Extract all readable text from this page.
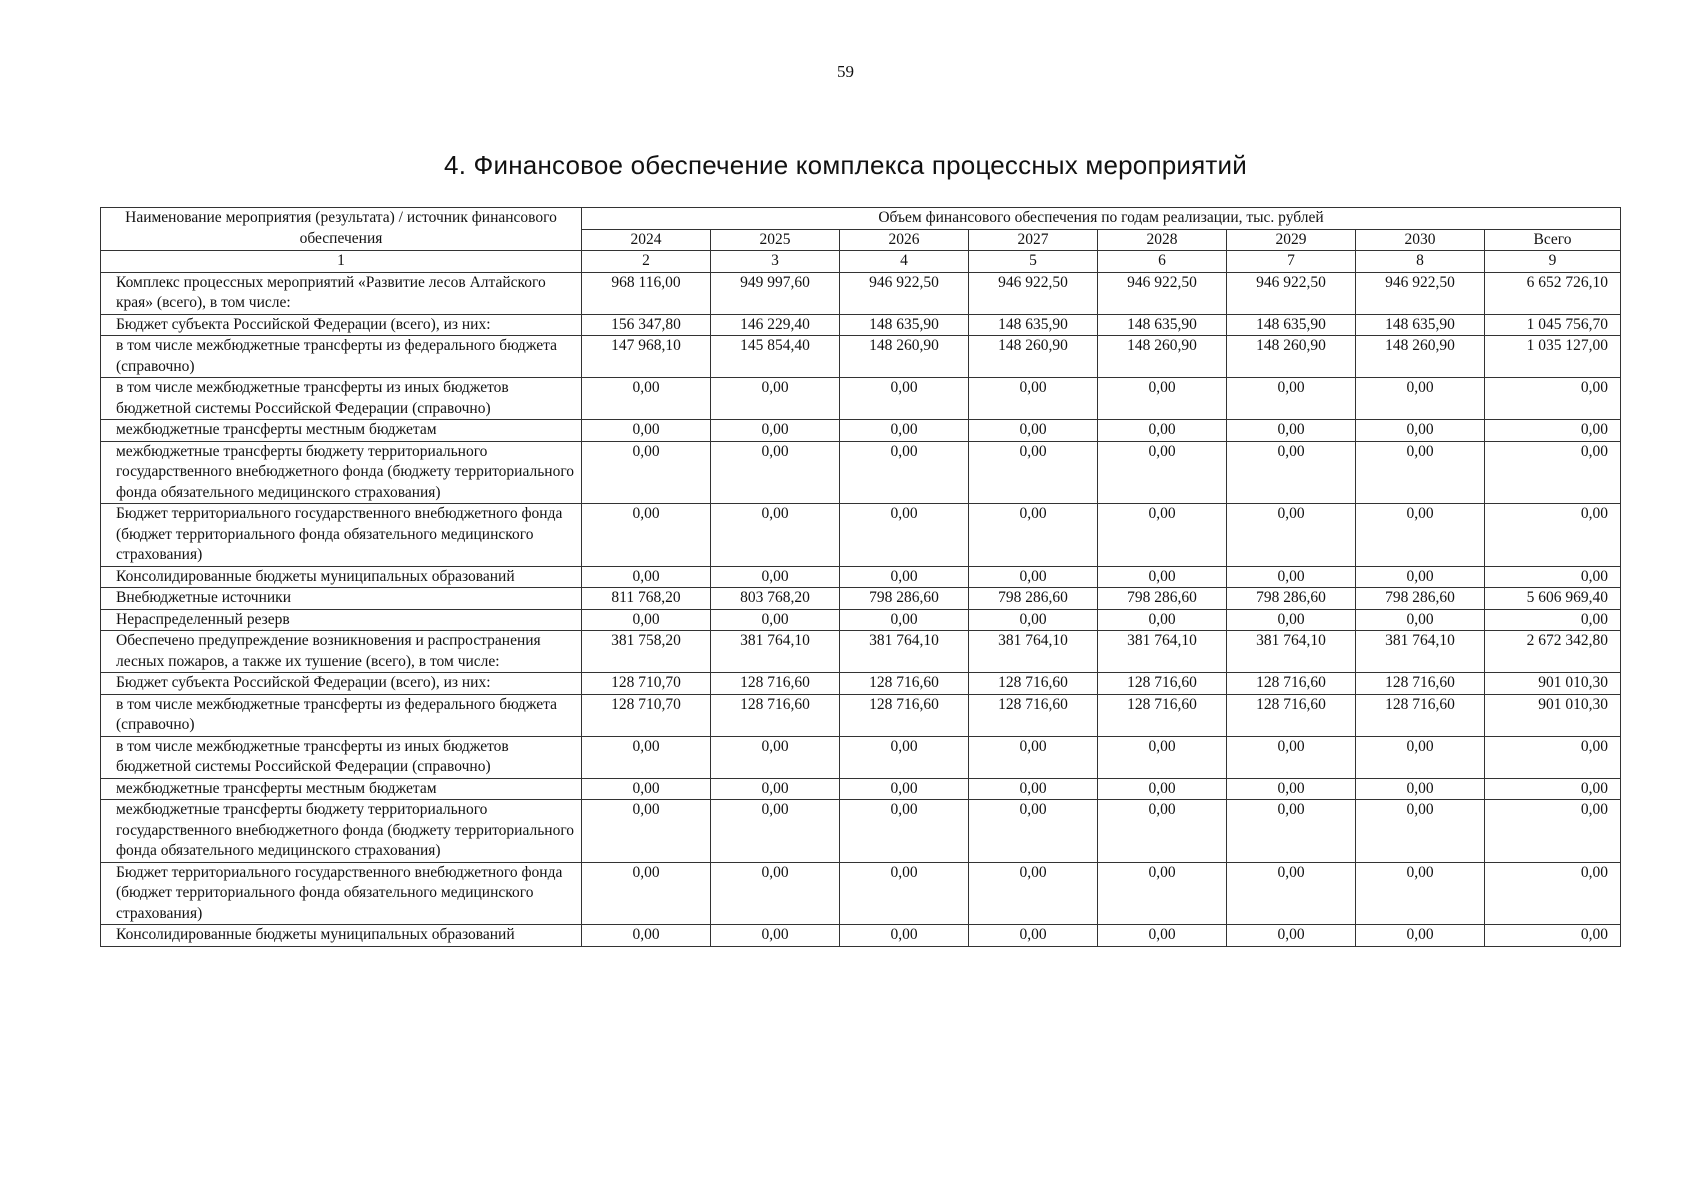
59
4. Финансовое обеспечение комплекса процессных мероприятий
Наименование мероприятия (результата) / источник финансового обеспечения	Объем финансового обеспечения по годам реализации, тыс. рублей							
	2024	2025	2026	2027	2028	2029	2030	Всего
1	2	3	4	5	6	7	8	9
Комплекс процессных мероприятий «Развитие лесов Алтайского края» (всего), в том числе:	968 116,00	949 997,60	946 922,50	946 922,50	946 922,50	946 922,50	946 922,50	6 652 726,10
Бюджет субъекта Российской Федерации (всего), из них:	156 347,80	146 229,40	148 635,90	148 635,90	148 635,90	148 635,90	148 635,90	1 045 756,70
в том числе межбюджетные трансферты из федерального бюджета (справочно)	147 968,10	145 854,40	148 260,90	148 260,90	148 260,90	148 260,90	148 260,90	1 035 127,00
в том числе межбюджетные трансферты из иных бюджетов бюджетной системы Российской Федерации (справочно)	0,00	0,00	0,00	0,00	0,00	0,00	0,00	0,00
межбюджетные трансферты местным бюджетам	0,00	0,00	0,00	0,00	0,00	0,00	0,00	0,00
межбюджетные трансферты бюджету территориального государственного внебюджетного фонда (бюджету территориального фонда обязательного медицинского страхования)	0,00	0,00	0,00	0,00	0,00	0,00	0,00	0,00
Бюджет территориального государственного внебюджетного фонда (бюджет территориального фонда обязательного медицинского страхования)	0,00	0,00	0,00	0,00	0,00	0,00	0,00	0,00
Консолидированные бюджеты муниципальных образований	0,00	0,00	0,00	0,00	0,00	0,00	0,00	0,00
Внебюджетные источники	811 768,20	803 768,20	798 286,60	798 286,60	798 286,60	798 286,60	798 286,60	5 606 969,40
Нераспределенный резерв	0,00	0,00	0,00	0,00	0,00	0,00	0,00	0,00
Обеспечено предупреждение возникновения и распространения лесных пожаров, а также их тушение (всего), в том числе:	381 758,20	381 764,10	381 764,10	381 764,10	381 764,10	381 764,10	381 764,10	2 672 342,80
Бюджет субъекта Российской Федерации (всего), из них:	128 710,70	128 716,60	128 716,60	128 716,60	128 716,60	128 716,60	128 716,60	901 010,30
в том числе межбюджетные трансферты из федерального бюджета (справочно)	128 710,70	128 716,60	128 716,60	128 716,60	128 716,60	128 716,60	128 716,60	901 010,30
в том числе межбюджетные трансферты из иных бюджетов бюджетной системы Российской Федерации (справочно)	0,00	0,00	0,00	0,00	0,00	0,00	0,00	0,00
межбюджетные трансферты местным бюджетам	0,00	0,00	0,00	0,00	0,00	0,00	0,00	0,00
межбюджетные трансферты бюджету территориального государственного внебюджетного фонда (бюджету территориального фонда обязательного медицинского страхования)	0,00	0,00	0,00	0,00	0,00	0,00	0,00	0,00
Бюджет территориального государственного внебюджетного фонда (бюджет территориального фонда обязательного медицинского страхования)	0,00	0,00	0,00	0,00	0,00	0,00	0,00	0,00
Консолидированные бюджеты муниципальных образований	0,00	0,00	0,00	0,00	0,00	0,00	0,00	0,00
